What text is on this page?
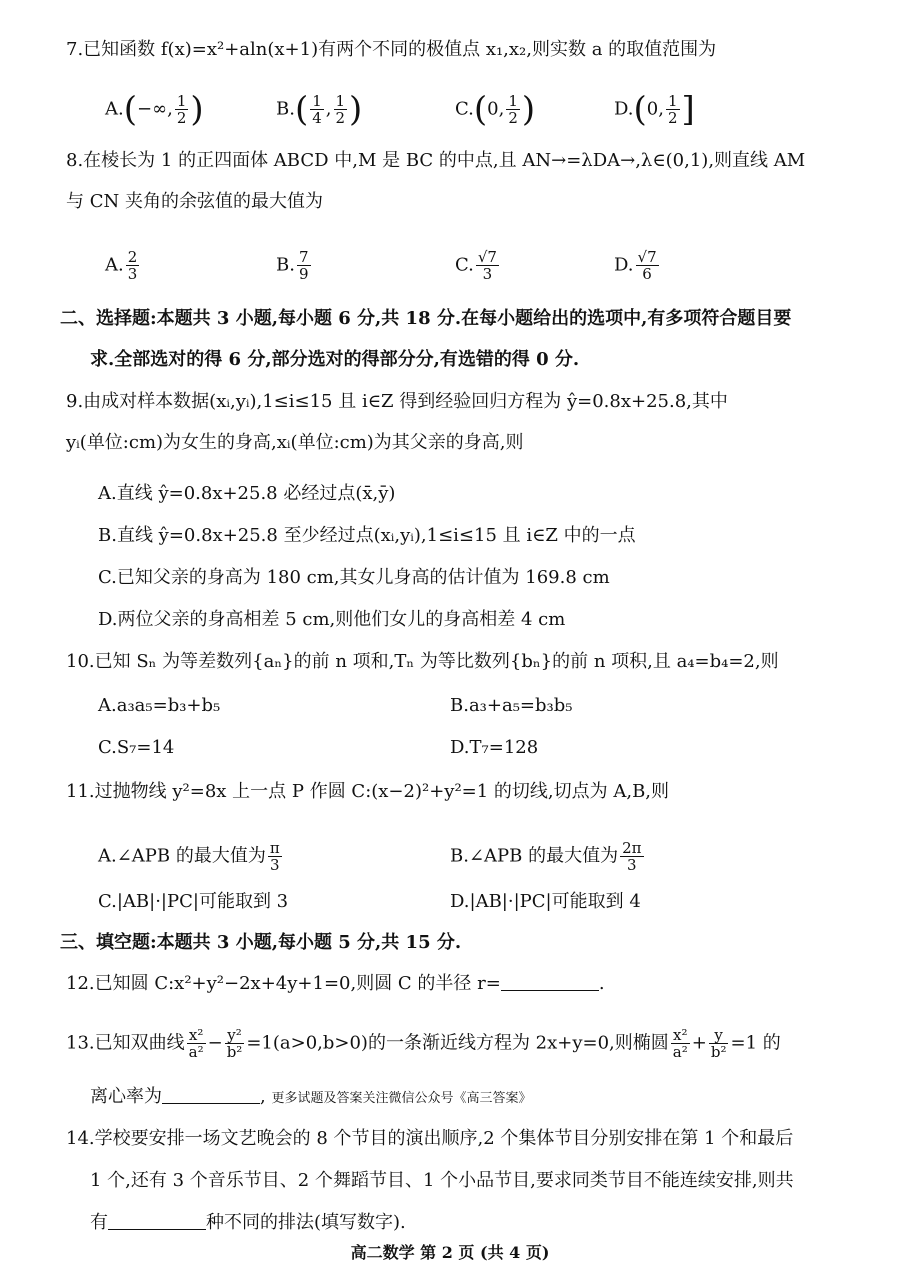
7.已知函数 f(x)=x²+aln(x+1)有两个不同的极值点 x₁,x₂,则实数 a 的取值范围为
A.(−∞, $\frac{1}{2}$ )	$B.( \frac{1}{4}$ , $\frac{1}{2}$ )	C.(0, $\frac{1}{2}$ )	D.(0, $\frac{1}{2}$ ]
8.在棱长为 1 的正四面体 ABCD 中,M 是 BC 的中点,且 AN→=λDA→,λ∈(0,1),则直线 AM
与 CN 夹角的余弦值的最大值为
A. $\frac{2}{3}$	B. $\frac{7}{9}$	C. $\frac{√7}{3}$	D. $\frac{√7}{6}$
二、选择题:本题共 3 小题,每小题 6 分,共 18 分.在每小题给出的选项中,有多项符合题目要
求.全部选对的得 6 分,部分选对的得部分分,有选错的得 0 分.
9.由成对样本数据(xᵢ,yᵢ),1≤i≤15 且 i∈Z 得到经验回归方程为 ŷ=0.8x+25.8,其中
yᵢ(单位:cm)为女生的身高,xᵢ(单位:cm)为其父亲的身高,则
A.直线 ŷ=0.8x+25.8 必经过点(x̄,ȳ)
B.直线 ŷ=0.8x+25.8 至少经过点(xᵢ,yᵢ),1≤i≤15 且 i∈Z 中的一点
C.已知父亲的身高为 180 cm,其女儿身高的估计值为 169.8 cm
D.两位父亲的身高相差 5 cm,则他们女儿的身高相差 4 cm
10.已知 Sₙ 为等差数列{aₙ}的前 n 项和,Tₙ 为等比数列{bₙ}的前 n 项积,且 a₄=b₄=2,则
A.a₃a₅=b₃+b₅	B.a₃+a₅=b₃b₅
C.S₇=14	D.T₇=128
11.过抛物线 y²=8x 上一点 P 作圆 C:(x−2)²+y²=1 的切线,切点为 A,B,则
A.∠APB 的最大值为 $\frac{\pi}{3}$	B.∠APB 的最大值为 $\frac{2\pi}{3}$
C.|AB|·|PC|可能取到 3	D.|AB|·|PC|可能取到 4
三、填空题:本题共 3 小题,每小题 5 分,共 15 分.
12.已知圆 C:x²+y²−2x+4y+1=0,则圆 C 的半径 r=	.
13.已知双曲线 $\frac{\text{x²}}{\text{a²}} - \frac{\text{y²}}{\text{b²}} =1(a>0,b>0)$的一条渐近线方程为 2x+y=0,则椭圆 $\frac{\text{x²}}{\text{a²}} + \frac{y}{\text{b²}} =1$ 的
离心率为	, 更多试题及答案关注微信公众号《高三答案》
14.学校要安排一场文艺晚会的 8 个节目的演出顺序,2 个集体节目分别安排在第 1 个和最后
1 个,还有 3 个音乐节目、2 个舞蹈节目、1 个小品节目,要求同类节目不能连续安排,则共
有	种不同的排法(填写数字).
高二数学 第 2 页 (共 4 页)
